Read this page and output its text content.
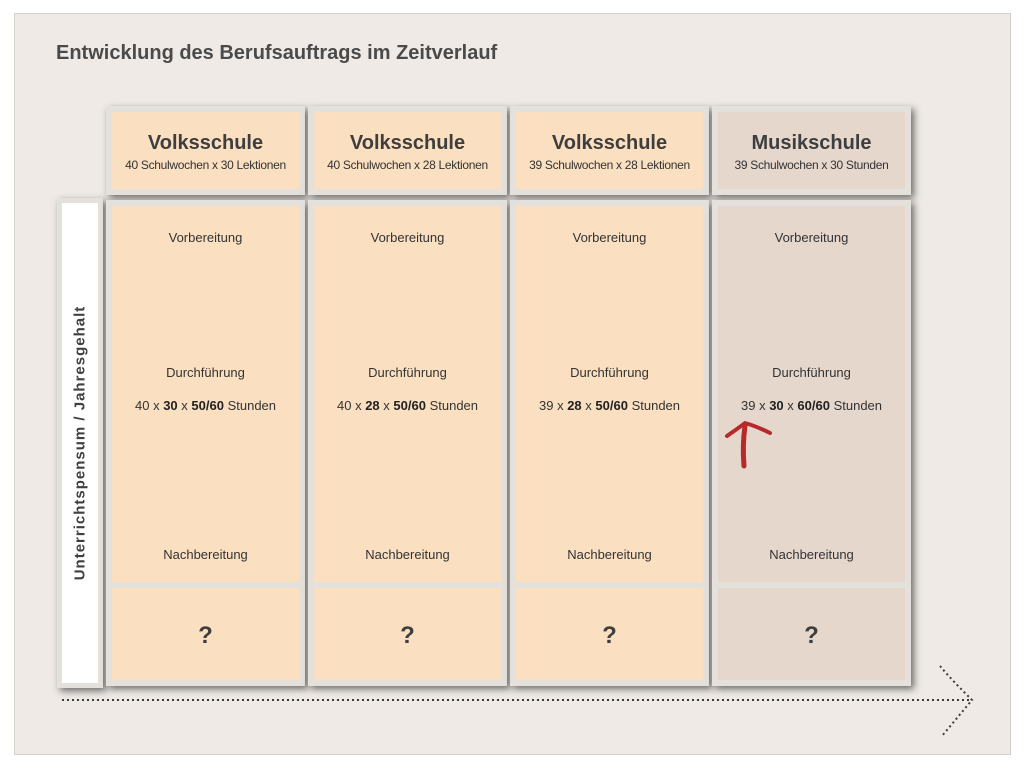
Entwicklung des Berufsauftrags im Zeitverlauf
Unterrichtspensum / Jahresgehalt
Volksschule
40 Schulwochen x 30 Lektionen
Vorbereitung
Durchführung
40 x 30 x 50/60 Stunden
Nachbereitung
?
Volksschule
40 Schulwochen x 28 Lektionen
Vorbereitung
Durchführung
40 x 28 x 50/60 Stunden
Nachbereitung
?
Volksschule
39 Schulwochen x 28 Lektionen
Vorbereitung
Durchführung
39 x 28 x 50/60 Stunden
Nachbereitung
?
Musikschule
39 Schulwochen x 30 Stunden
Vorbereitung
Durchführung
39 x 30 x 60/60 Stunden
Nachbereitung
?
